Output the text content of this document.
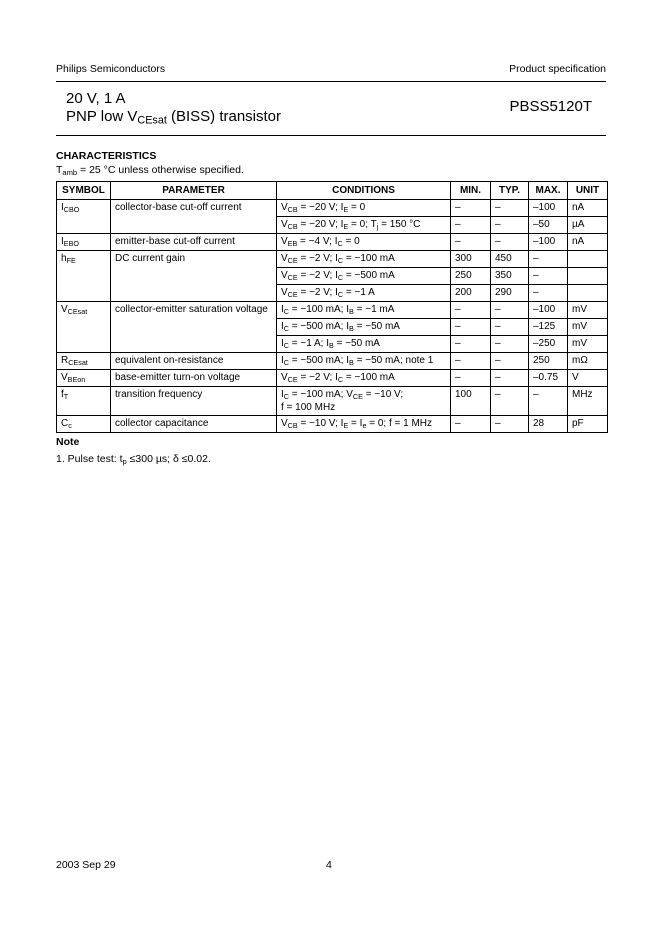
Philips Semiconductors	Product specification
20 V, 1 A
PNP low $V_{CEsat}$ (BISS) transistor
PBSS5120T
CHARACTERISTICS
$T_{amb} = 25$ °C unless otherwise specified.
SYMBOL	PARAMETER	CONDITIONS	MIN.	TYP.	MAX.	UNIT
$I_{CBO}$	collector-base cut-off current	$V_{CB} = -20$ V; $I_E = 0$	–	–	–100	nA
		$V_{CB} = -20$ V; $I_E = 0$; $T_j = 150$ °C	–	–	–50	µA
$I_{EBO}$	emitter-base cut-off current	$V_{EB} = -4$ V; $I_C = 0$	–	–	–100	nA
$h_{FE}$	DC current gain	$V_{CE} = -2$ V; $I_C = -100$ mA	300	450	–	
		$V_{CE} = -2$ V; $I_C = -500$ mA	250	350	–	
		$V_{CE} = -2$ V; $I_C = -1$ A	200	290	–	
$V_{CEsat}$	collector-emitter saturation voltage	$I_C = -100$ mA; $I_B = -1$ mA	–	–	–100	mV
		$I_C = -500$ mA; $I_B = -50$ mA	–	–	–125	mV
		$I_C = -1$ A; $I_B = -50$ mA	–	–	–250	mV
$R_{CEsat}$	equivalent on-resistance	$I_C = -500$ mA; $I_B = -50$ mA; note 1	–	–	250	mΩ
$V_{BEon}$	base-emitter turn-on voltage	$V_{CE} = -2$ V; $I_C = -100$ mA	–	–	–0.75	V
$f_T$	transition frequency	$I_C = -100$ mA; $V_{CE} = -10$ V;
f = 100 MHz	100	–	–	MHz
$C_c$	collector capacitance	$V_{CB} = -10$ V; $I_E = I_e = 0$; f = 1 MHz	–	–	28	pF
Note
1. Pulse test: $t_p \le 300$ µs; δ ≤0.02.
2003 Sep 29	4
